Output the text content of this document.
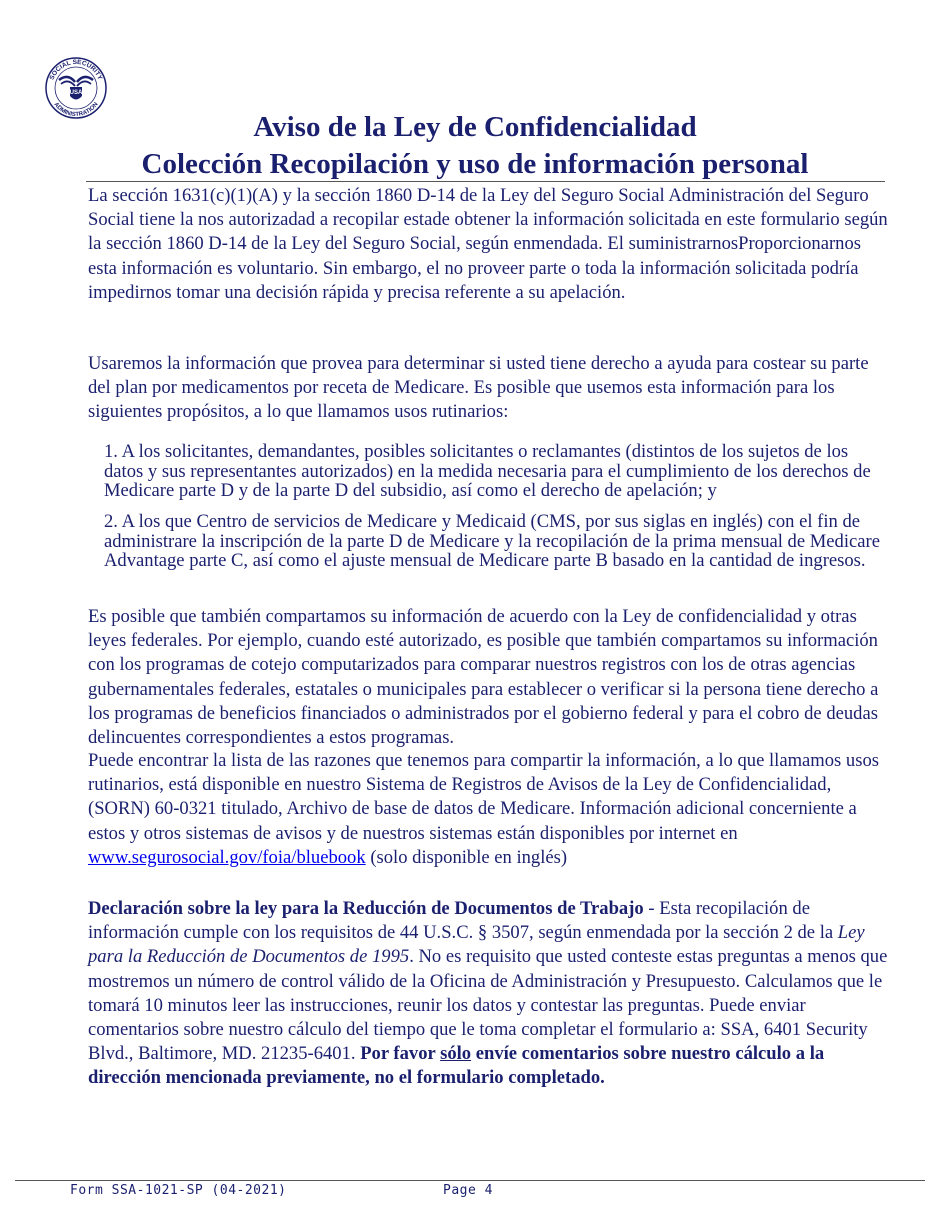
SOCIAL SECURITY
ADMINISTRATION
USA
Aviso de la Ley de Confidencialidad
Colección Recopilación y uso de información personal

La sección 1631(c)(1)(A) y la sección 1860 D-14 de la Ley del Seguro Social Administración del Seguro Social tiene la nos autorizadad a recopilar estade obtener la información solicitada en este formulario según la sección 1860 D-14 de la Ley del Seguro Social, según enmendada. El suministrarnosProporcionarnos esta información es voluntario. Sin embargo, el no proveer parte o toda la información solicitada podría impedirnos tomar una decisión rápida y precisa referente a su apelación.

Usaremos la información que provea para determinar si usted tiene derecho a ayuda para costear su parte del plan por medicamentos por receta de Medicare. Es posible que usemos esta información para los siguientes propósitos, a lo que llamamos usos rutinarios:

1. A los solicitantes, demandantes, posibles solicitantes o reclamantes (distintos de los sujetos de los datos y sus representantes autorizados) en la medida necesaria para el cumplimiento de los derechos de Medicare parte D y de la parte D del subsidio, así como el derecho de apelación; y

2. A los que Centro de servicios de Medicare y Medicaid (CMS, por sus siglas en inglés) con el fin de administrare la inscripción de la parte D de Medicare y la recopilación de la prima mensual de Medicare Advantage parte C, así como el ajuste mensual de Medicare parte B basado en la cantidad de ingresos.

Es posible que también compartamos su información de acuerdo con la Ley de confidencialidad y otras leyes federales. Por ejemplo, cuando esté autorizado, es posible que también compartamos su información con los programas de cotejo computarizados para comparar nuestros registros con los de otras agencias gubernamentales federales, estatales o municipales para establecer o verificar si la persona tiene derecho a los programas de beneficios financiados o administrados por el gobierno federal y para el cobro de deudas delincuentes correspondientes a estos programas.

Puede encontrar la lista de las razones que tenemos para compartir la información, a lo que llamamos usos rutinarios, está disponible en nuestro Sistema de Registros de Avisos de la Ley de Confidencialidad, (SORN) 60-0321 titulado, Archivo de base de datos de Medicare. Información adicional concerniente a estos y otros sistemas de avisos y de nuestros sistemas están disponibles por internet en www.segurosocial.gov/foia/bluebook (solo disponible en inglés)

Declaración sobre la ley para la Reducción de Documentos de Trabajo - Esta recopilación de información cumple con los requisitos de 44 U.S.C. § 3507, según enmendada por la sección 2 de la Ley para la Reducción de Documentos de 1995. No es requisito que usted conteste estas preguntas a menos que mostremos un número de control válido de la Oficina de Administración y Presupuesto. Calculamos que le tomará 10 minutos leer las instrucciones, reunir los datos y contestar las preguntas. Puede enviar comentarios sobre nuestro cálculo del tiempo que le toma completar el formulario a: SSA, 6401 Security Blvd., Baltimore, MD. 21235-6401. Por favor sólo envíe comentarios sobre nuestro cálculo a la dirección mencionada previamente, no el formulario completado.

Form SSA-1021-SP (04-2021)	Page 4
